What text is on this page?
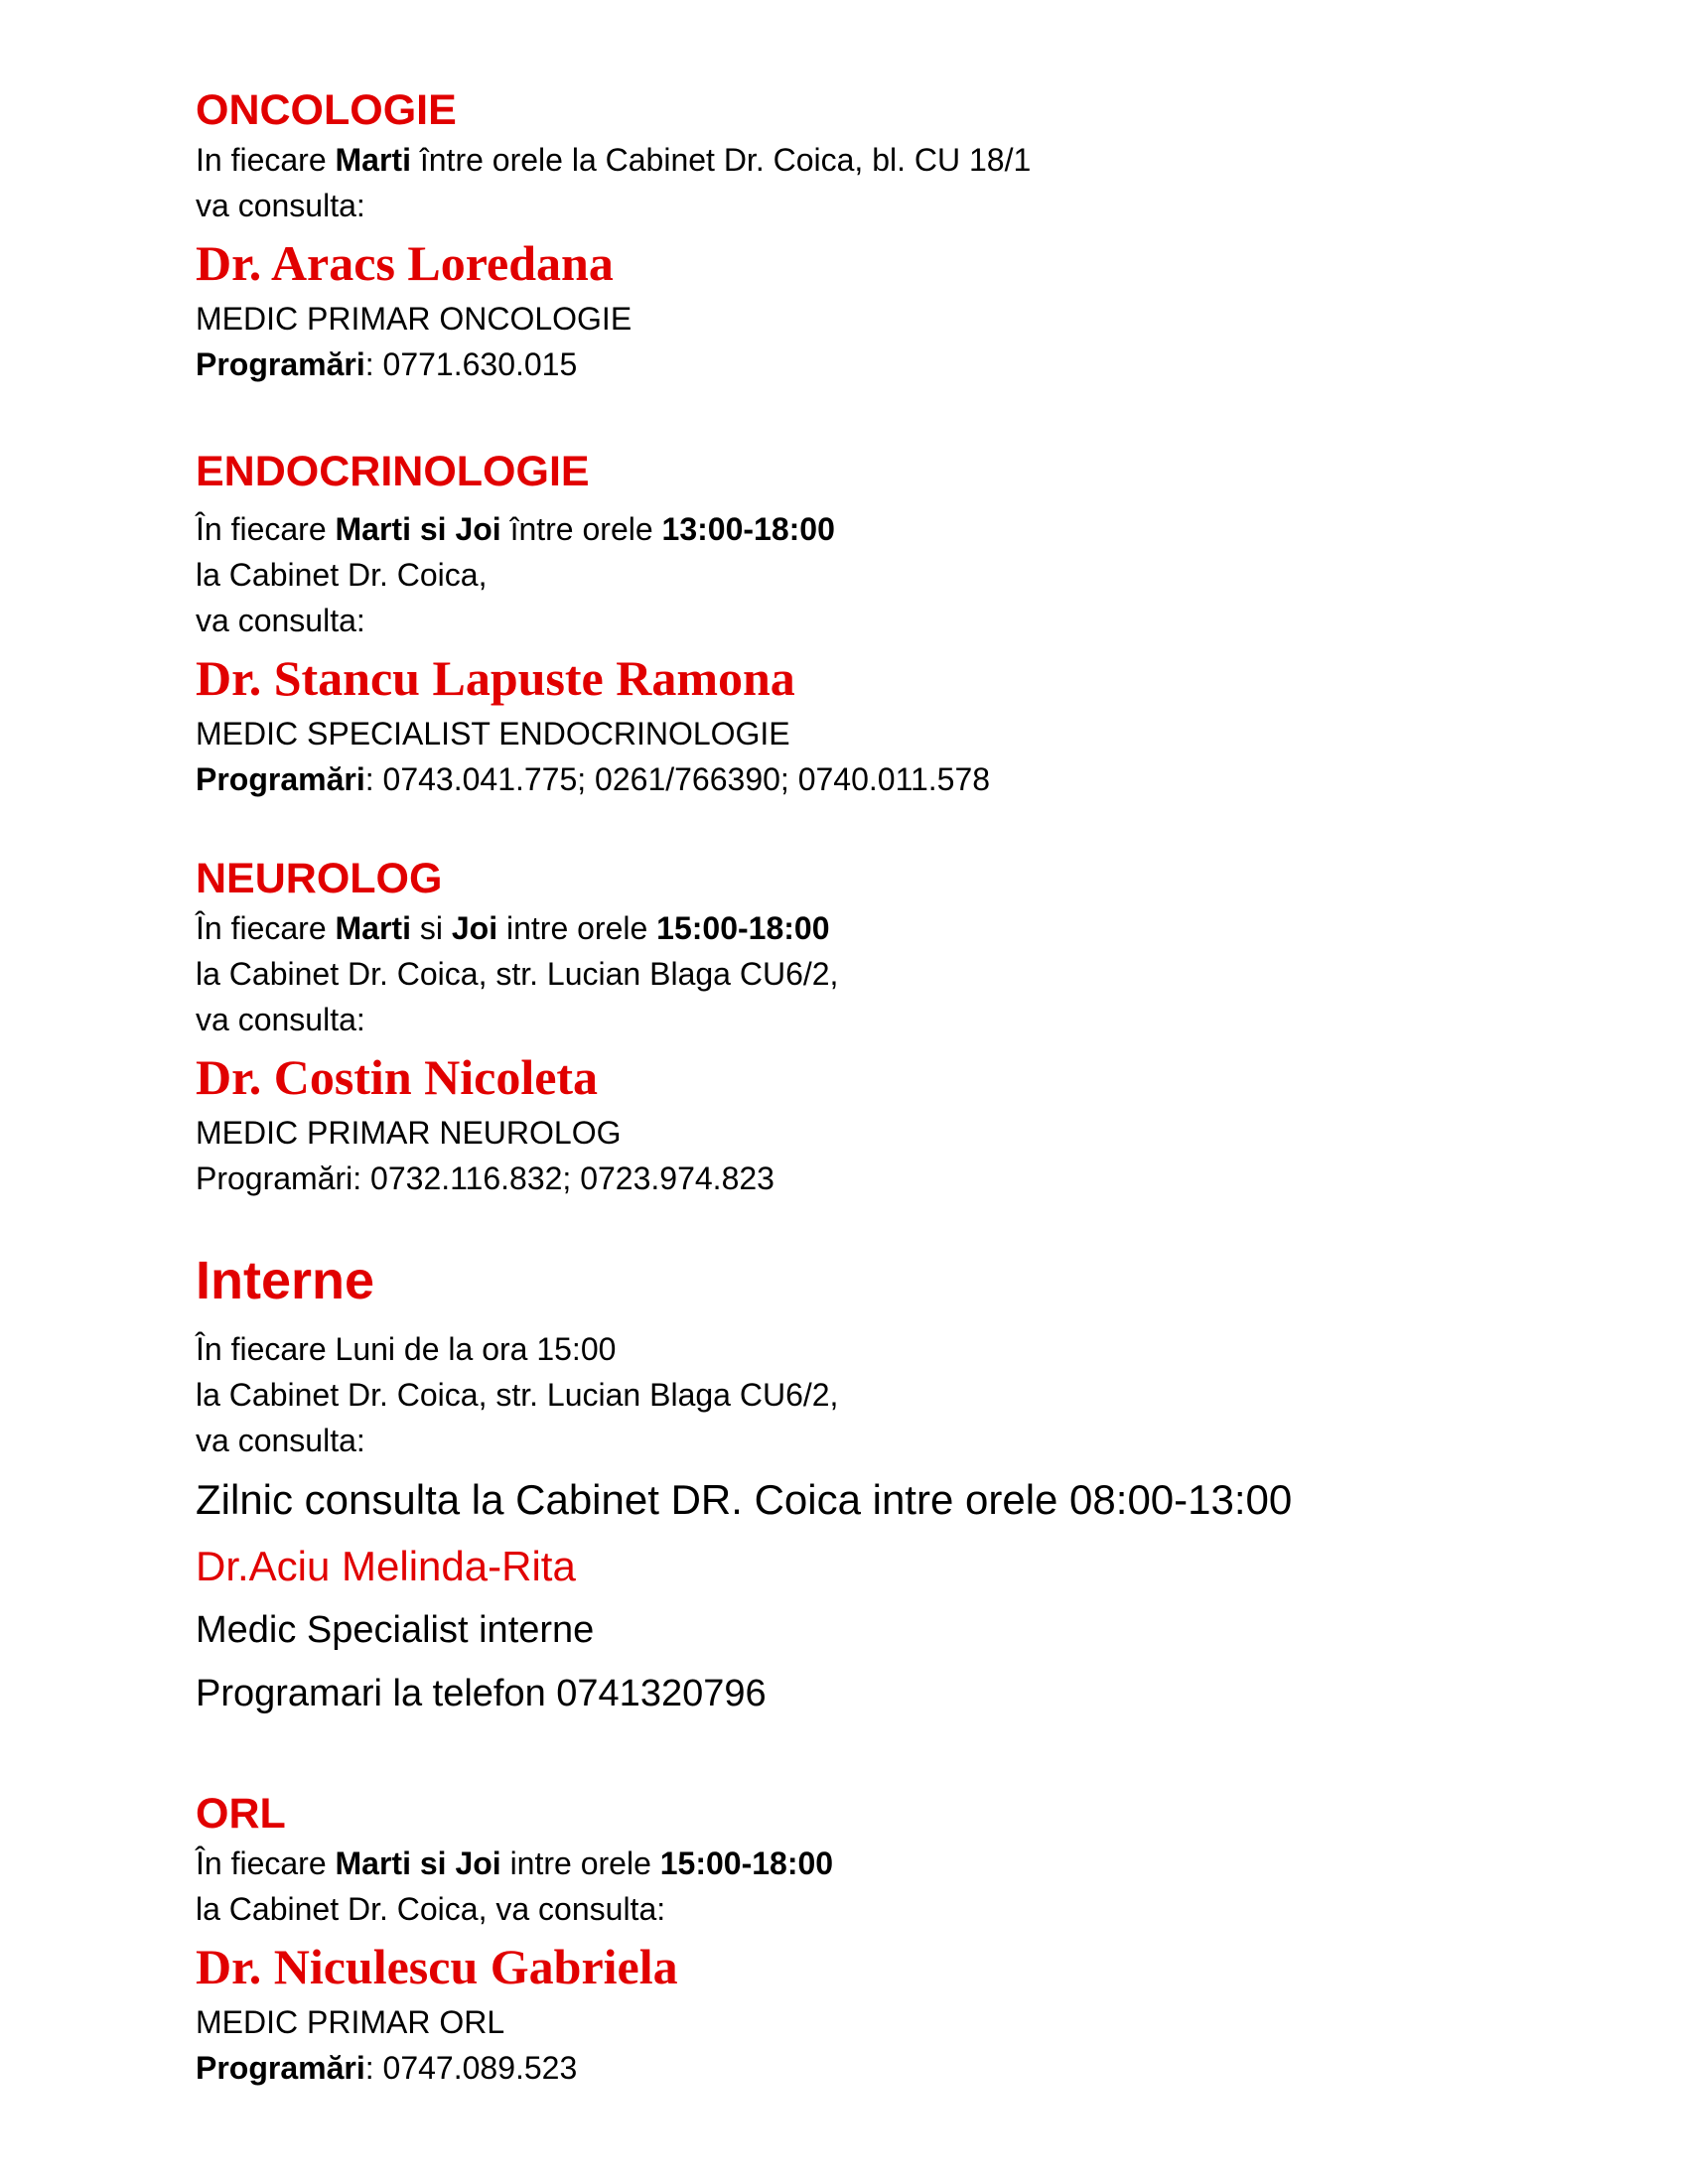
ONCOLOGIE

In fiecare Marti între orele la Cabinet Dr. Coica, bl. CU 18/1

va consulta:

Dr. Aracs Loredana

MEDIC PRIMAR ONCOLOGIE

Programări: 0771.630.015

ENDOCRINOLOGIE

În fiecare Marti si Joi între orele 13:00-18:00

la Cabinet Dr. Coica,

va consulta:

Dr. Stancu Lapuste Ramona

MEDIC SPECIALIST ENDOCRINOLOGIE

Programări: 0743.041.775; 0261/766390; 0740.011.578

NEUROLOG

În fiecare Marti si Joi intre orele 15:00-18:00

la Cabinet Dr. Coica, str. Lucian Blaga CU6/2,

va consulta:

Dr. Costin Nicoleta

MEDIC PRIMAR NEUROLOG

Programări: 0732.116.832; 0723.974.823

Interne

În fiecare Luni de la ora 15:00

la Cabinet Dr. Coica, str. Lucian Blaga CU6/2,

va consulta:

Zilnic consulta la Cabinet DR. Coica intre orele 08:00-13:00

Dr.Aciu Melinda-Rita

Medic Specialist interne

Programari la telefon 0741320796

ORL

În fiecare Marti si Joi intre orele 15:00-18:00

la Cabinet Dr. Coica, va consulta:

Dr. Niculescu Gabriela

MEDIC PRIMAR ORL

Programări: 0747.089.523
